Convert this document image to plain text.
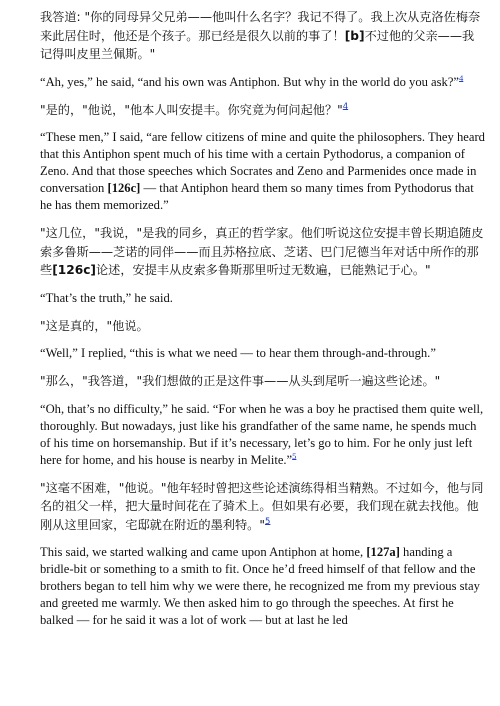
我答道: "你的同母异父兄弟——他叫什么名字？我记不得了。我上次从克洛佐梅奈来此居住时，他还是个孩子。那已经是很久以前的事了！[b]不过他的父亲——我记得叫皮里兰佩斯。"

“Ah, yes,” he said, “and his own was Antiphon. But why in the world do you ask?”$^4$

"是的，"他说，"他本人叫安提丰。你究竟为何问起他？"$^4$

“These men,” I said, “are fellow citizens of mine and quite the philosophers. They heard that this Antiphon spent much of his time with a certain Pythodorus, a companion of Zeno. And that those speeches which Socrates and Zeno and Parmenides once made in conversation [126c] — that Antiphon heard them so many times from Pythodorus that he has them memorized.”

"这几位，"我说，"是我的同乡，真正的哲学家。他们听说这位安提丰曾长期追随皮索多鲁斯——芝诺的同伴——而且苏格拉底、芝诺、巴门尼德当年对话中所作的那些[126c]论述，安提丰从皮索多鲁斯那里听过无数遍，已能熟记于心。"

“That’s the truth,” he said.

"这是真的，"他说。

“Well,” I replied, “this is what we need — to hear them through-and-through.”

"那么，"我答道，"我们想做的正是这件事——从头到尾听一遍这些论述。"

“Oh, that’s no difficulty,” he said. “For when he was a boy he practised them quite well, thoroughly. But nowadays, just like his grandfather of the same name, he spends much of his time on horsemanship. But if it’s necessary, let’s go to him. For he only just left here for home, and his house is nearby in Melite.”$^5$

"这毫不困难，"他说。"他年轻时曾把这些论述演练得相当精熟。不过如今，他与同名的祖父一样，把大量时间花在了骑术上。但如果有必要，我们现在就去找他。他刚从这里回家，宅邸就在附近的墨利特。"$^5$

This said, we started walking and came upon Antiphon at home, [127a] handing a bridle-bit or something to a smith to fit. Once he’d freed himself of that fellow and the brothers began to tell him why we were there, he recognized me from my previous stay and greeted me warmly. We then asked him to go through the speeches. At first he balked — for he said it was a lot of work — but at last he led
